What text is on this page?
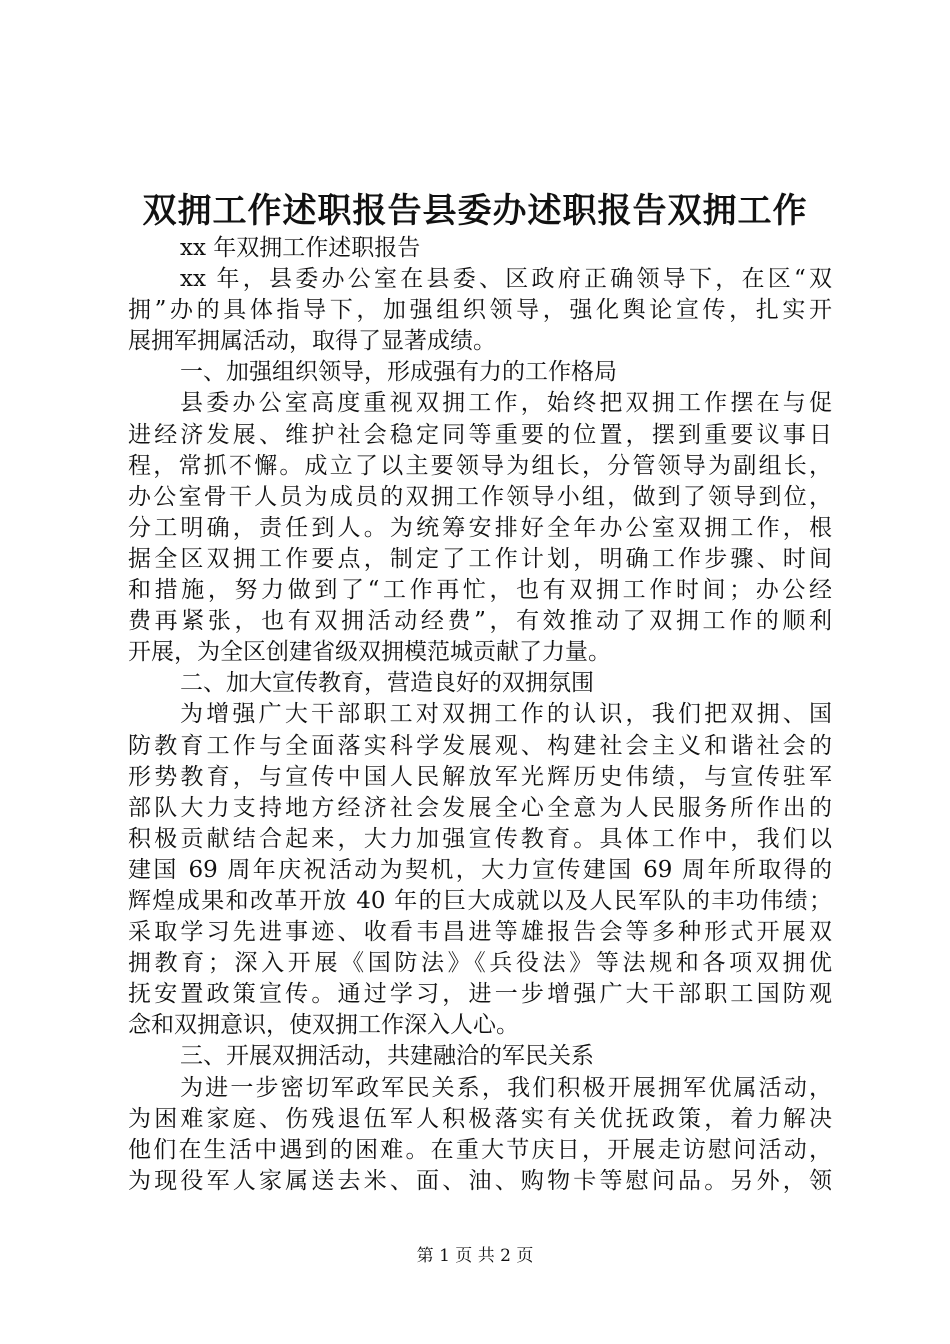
双拥工作述职报告县委办述职报告双拥工作
xx 年双拥工作述职报告
xx 年，县委办公室在县委、区政府正确领导下，在区“双
拥”办的具体指导下，加强组织领导，强化舆论宣传，扎实开
展拥军拥属活动，取得了显著成绩。
一、加强组织领导，形成强有力的工作格局
县委办公室高度重视双拥工作，始终把双拥工作摆在与促
进经济发展、维护社会稳定同等重要的位置，摆到重要议事日
程，常抓不懈。成立了以主要领导为组长，分管领导为副组长，
办公室骨干人员为成员的双拥工作领导小组，做到了领导到位，
分工明确，责任到人。为统筹安排好全年办公室双拥工作，根
据全区双拥工作要点，制定了工作计划，明确工作步骤、时间
和措施，努力做到了“工作再忙，也有双拥工作时间；办公经
费再紧张，也有双拥活动经费”，有效推动了双拥工作的顺利
开展，为全区创建省级双拥模范城贡献了力量。
二、加大宣传教育，营造良好的双拥氛围
为增强广大干部职工对双拥工作的认识，我们把双拥、国
防教育工作与全面落实科学发展观、构建社会主义和谐社会的
形势教育，与宣传中国人民解放军光辉历史伟绩，与宣传驻军
部队大力支持地方经济社会发展全心全意为人民服务所作出的
积极贡献结合起来，大力加强宣传教育。具体工作中，我们以
建国 69 周年庆祝活动为契机，大力宣传建国 69 周年所取得的
辉煌成果和改革开放 40 年的巨大成就以及人民军队的丰功伟绩；
采取学习先进事迹、收看韦昌进等雄报告会等多种形式开展双
拥教育；深入开展《国防法》《兵役法》等法规和各项双拥优
抚安置政策宣传。通过学习，进一步增强广大干部职工国防观
念和双拥意识，使双拥工作深入人心。
三、开展双拥活动，共建融洽的军民关系
为进一步密切军政军民关系，我们积极开展拥军优属活动，
为困难家庭、伤残退伍军人积极落实有关优抚政策，着力解决
他们在生活中遇到的困难。在重大节庆日，开展走访慰问活动，
为现役军人家属送去米、面、油、购物卡等慰问品。另外，领
第 1 页 共 2 页
